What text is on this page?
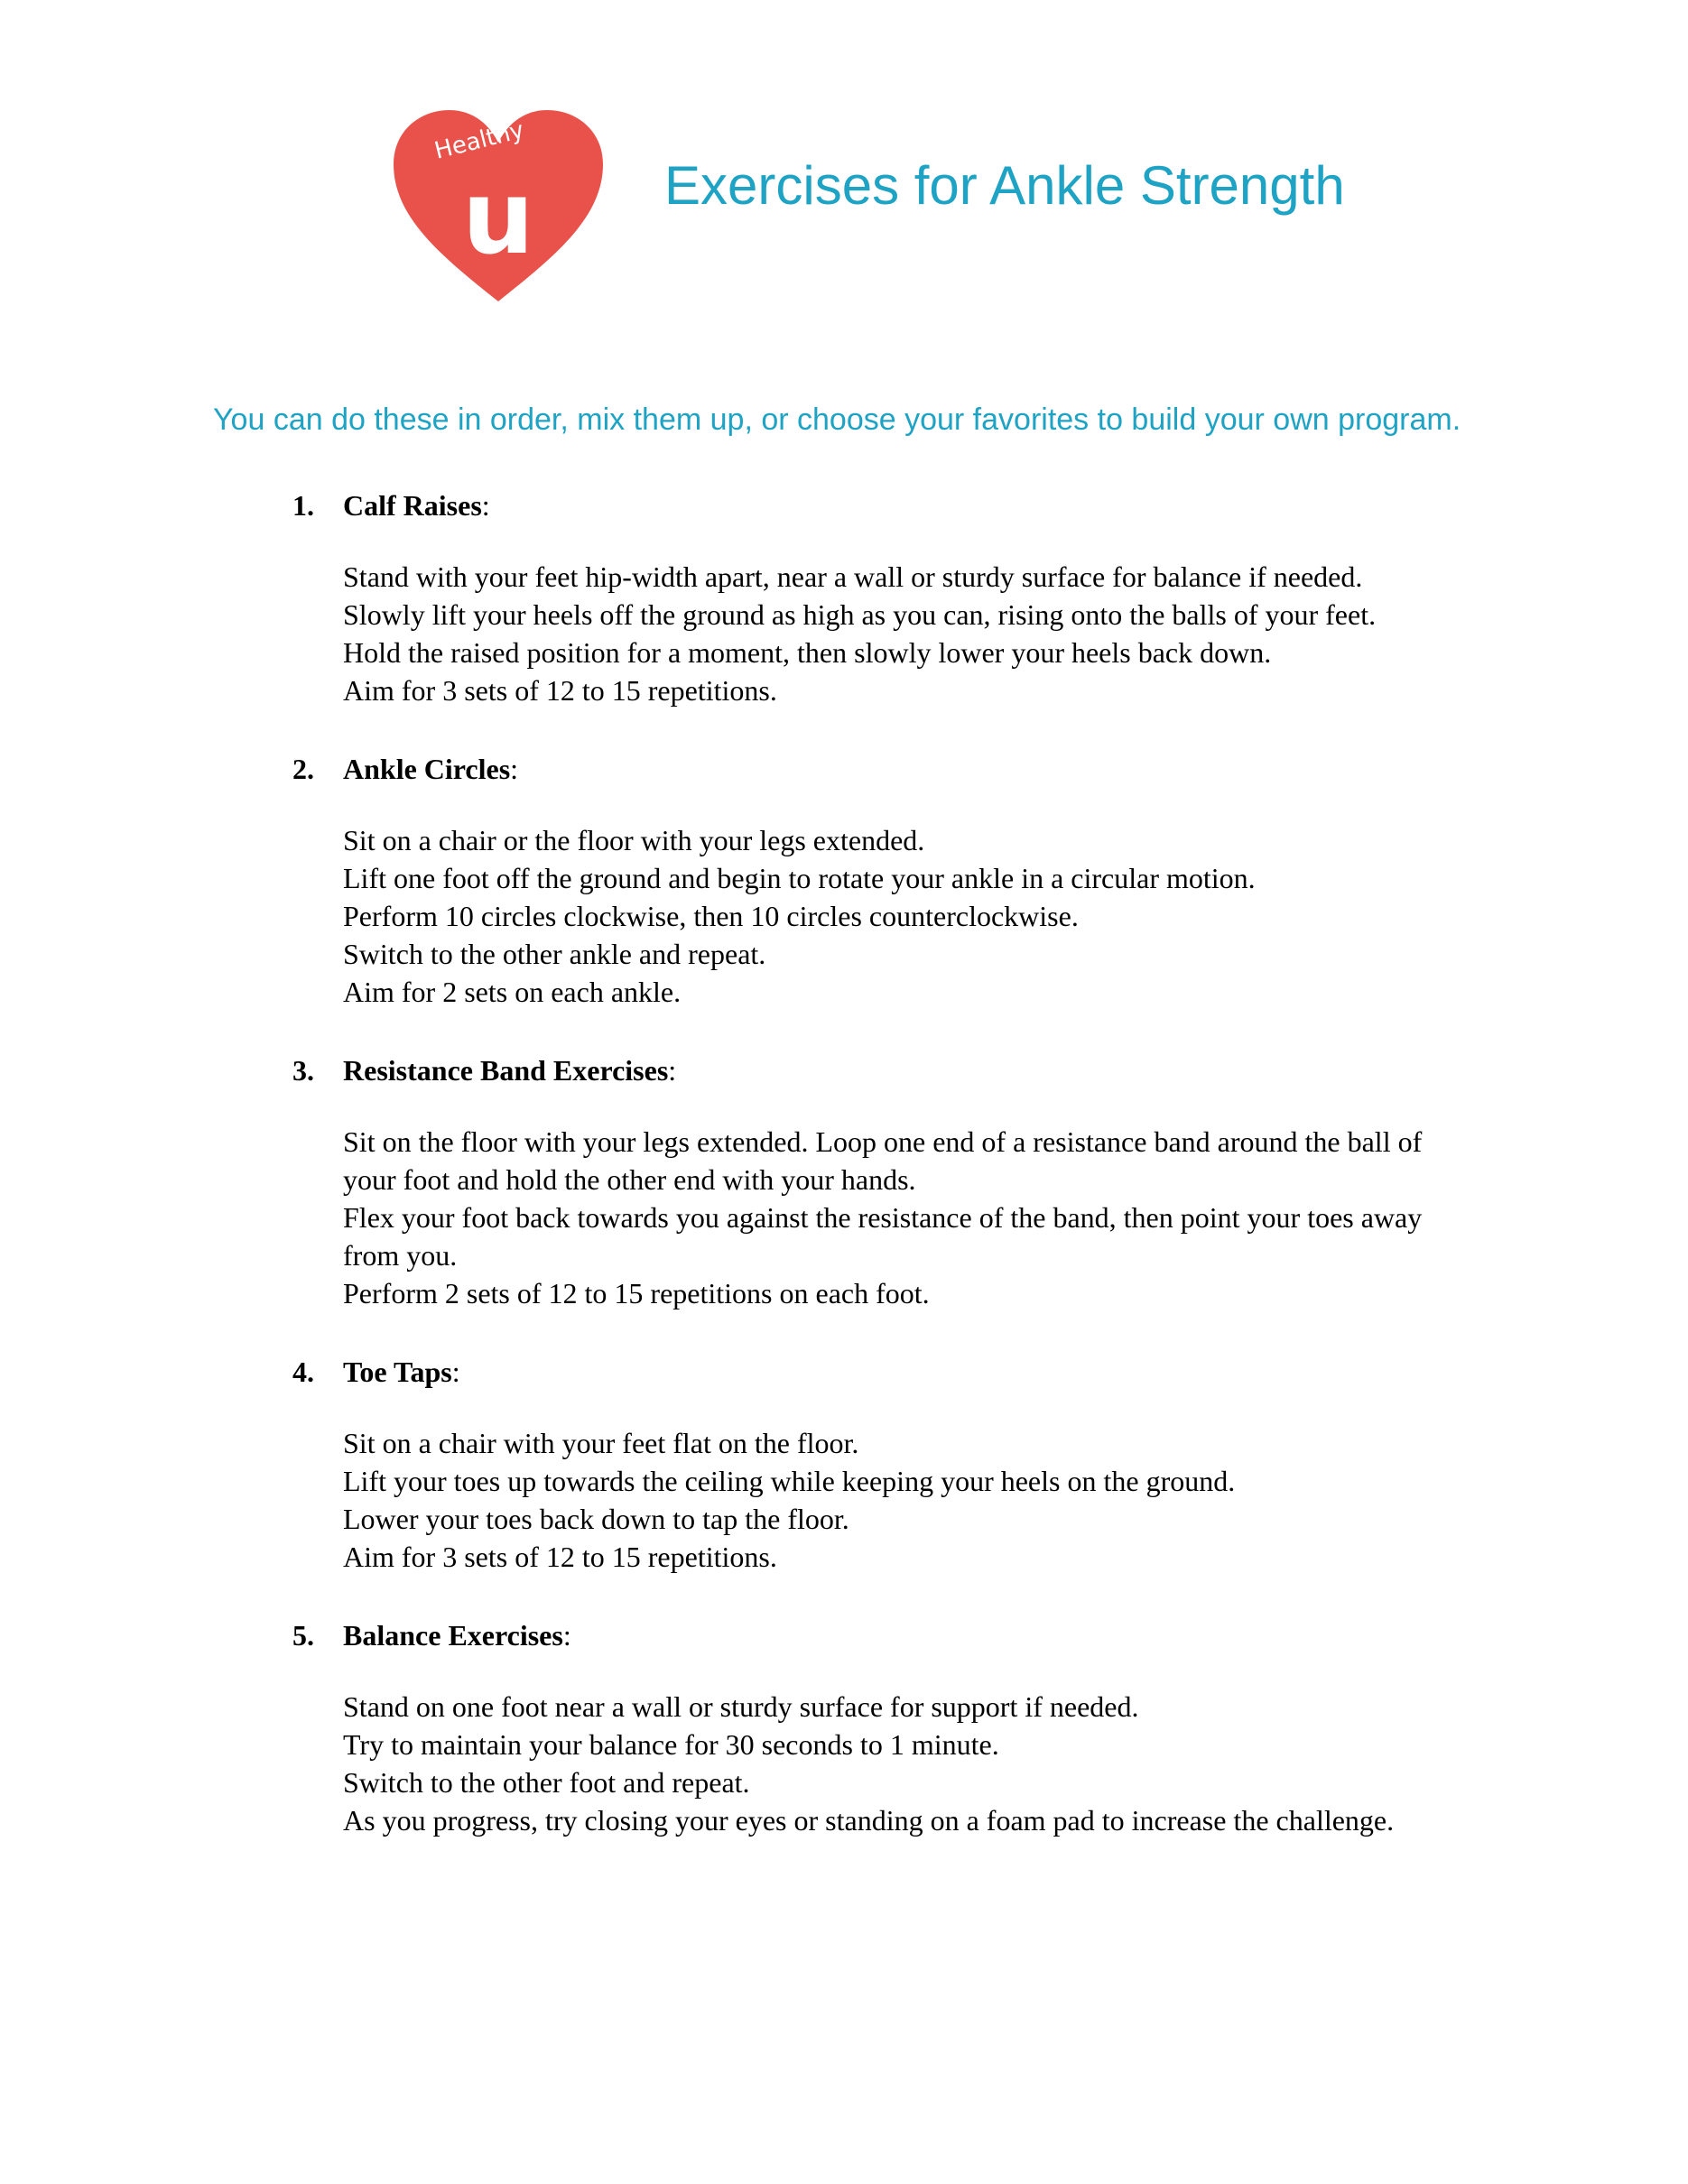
Healthy
u Exercises for Ankle Strength

You can do these in order, mix them up, or choose your favorites to build your own program.

1. Calf Raises:
Stand with your feet hip-width apart, near a wall or sturdy surface for balance if needed.
Slowly lift your heels off the ground as high as you can, rising onto the balls of your feet.
Hold the raised position for a moment, then slowly lower your heels back down.
Aim for 3 sets of 12 to 15 repetitions.
2. Ankle Circles:
Sit on a chair or the floor with your legs extended.
Lift one foot off the ground and begin to rotate your ankle in a circular motion.
Perform 10 circles clockwise, then 10 circles counterclockwise.
Switch to the other ankle and repeat.
Aim for 2 sets on each ankle.
3. Resistance Band Exercises:
Sit on the floor with your legs extended. Loop one end of a resistance band around the ball of your foot and hold the other end with your hands.
Flex your foot back towards you against the resistance of the band, then point your toes away from you.
Perform 2 sets of 12 to 15 repetitions on each foot.
4. Toe Taps:
Sit on a chair with your feet flat on the floor.
Lift your toes up towards the ceiling while keeping your heels on the ground.
Lower your toes back down to tap the floor.
Aim for 3 sets of 12 to 15 repetitions.
5. Balance Exercises:
Stand on one foot near a wall or sturdy surface for support if needed.
Try to maintain your balance for 30 seconds to 1 minute.
Switch to the other foot and repeat.
As you progress, try closing your eyes or standing on a foam pad to increase the challenge.
